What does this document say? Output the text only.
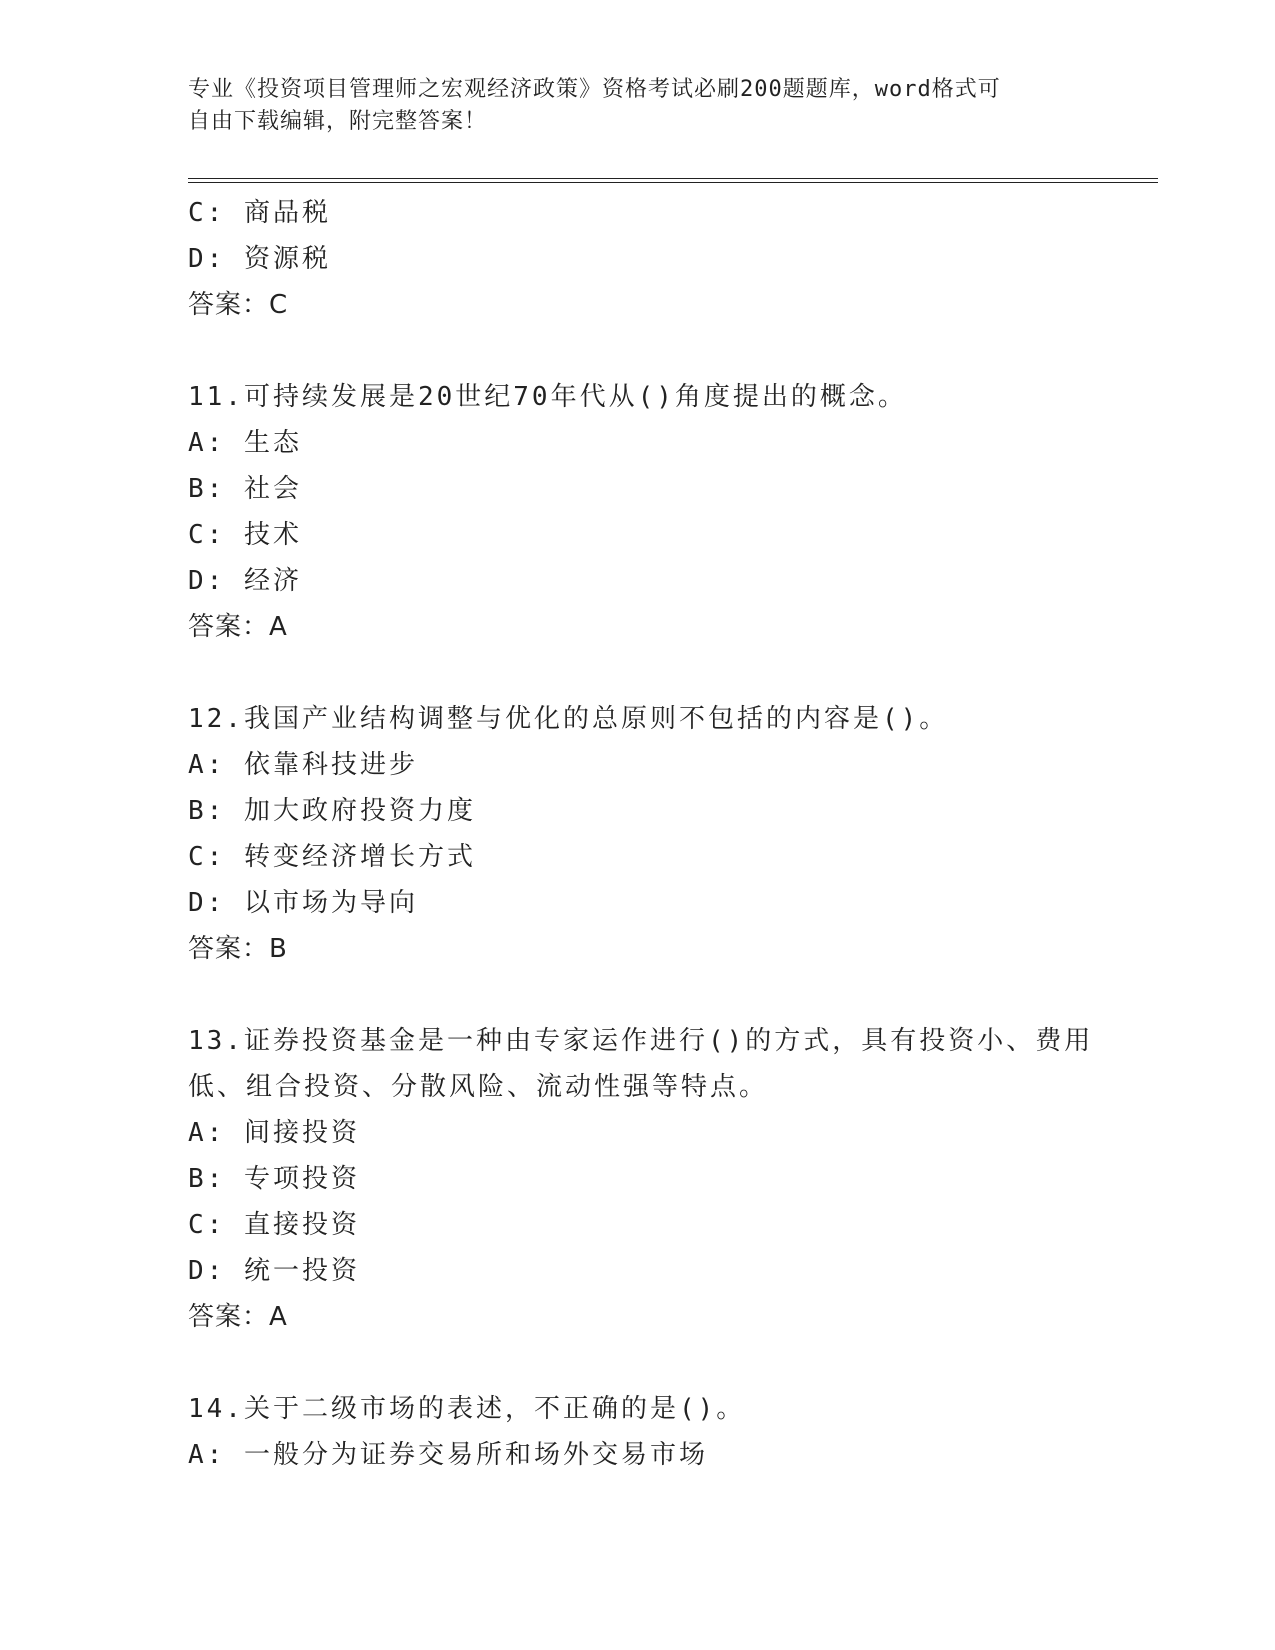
专业《投资项目管理师之宏观经济政策》资格考试必刷200题题库，word格式可
自由下载编辑，附完整答案！
C: 商品税
D: 资源税
答案：C
11.可持续发展是20世纪70年代从()角度提出的概念。
A: 生态
B: 社会
C: 技术
D: 经济
答案：A
12.我国产业结构调整与优化的总原则不包括的内容是()。
A: 依靠科技进步
B: 加大政府投资力度
C: 转变经济增长方式
D: 以市场为导向
答案：B
13.证券投资基金是一种由专家运作进行()的方式，具有投资小、费用
低、组合投资、分散风险、流动性强等特点。
A: 间接投资
B: 专项投资
C: 直接投资
D: 统一投资
答案：A
14.关于二级市场的表述，不正确的是()。
A: 一般分为证券交易所和场外交易市场
